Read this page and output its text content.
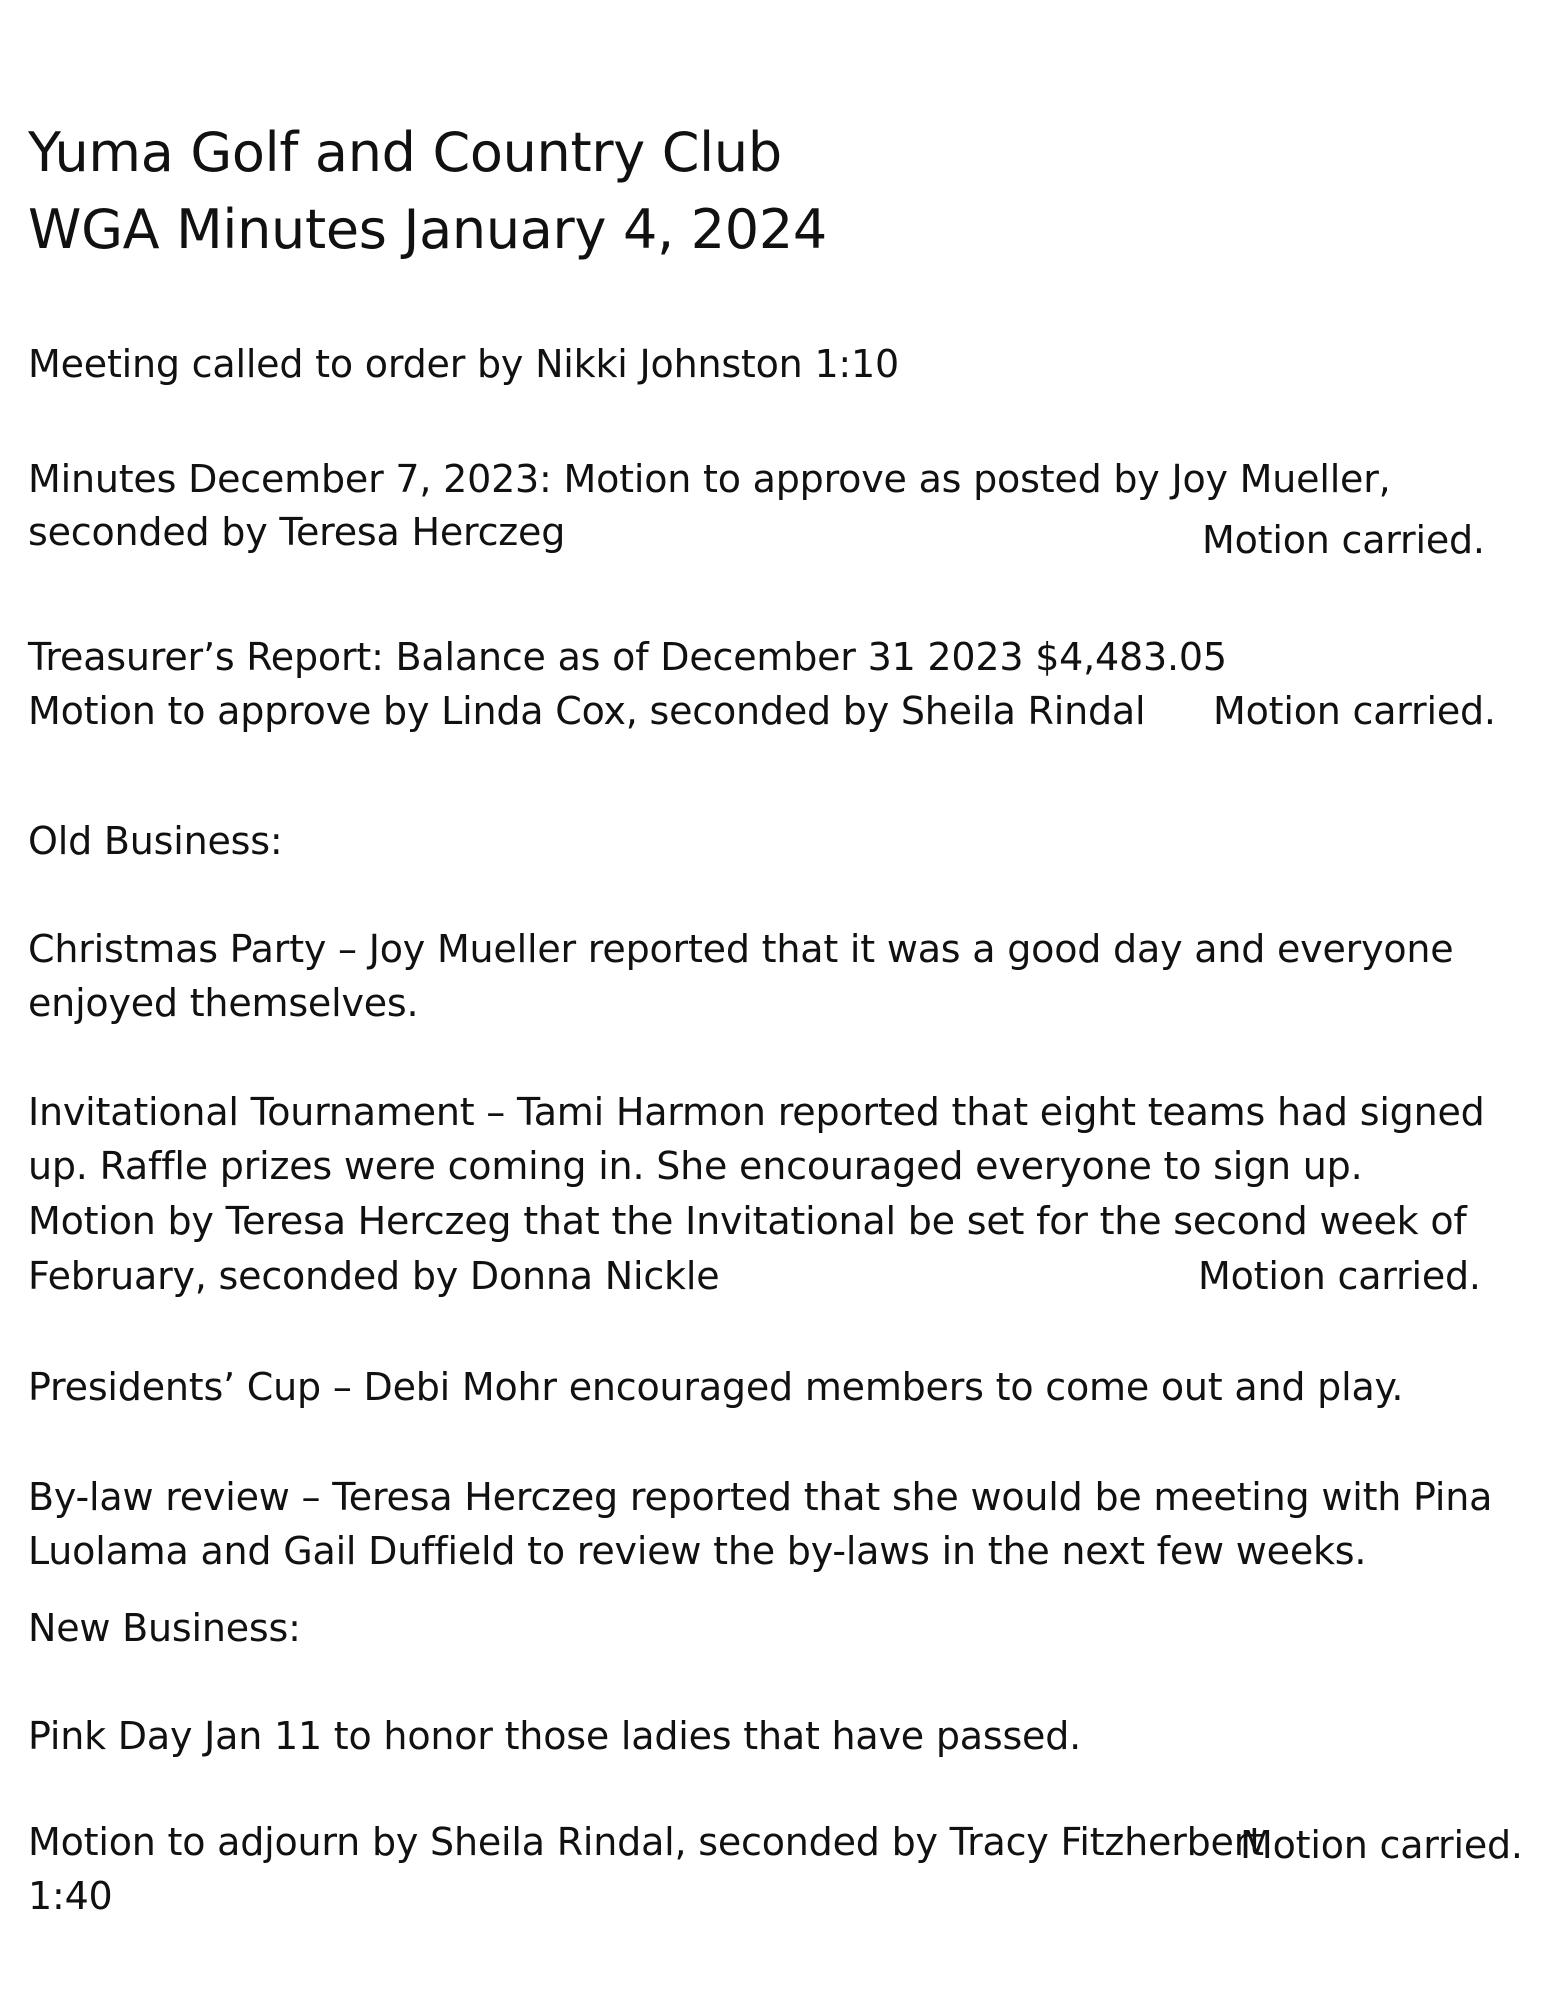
Yuma Golf and Country Club
WGA Minutes January 4, 2024
Meeting called to order by Nikki Johnston 1:10
Minutes December 7, 2023: Motion to approve as posted by Joy Mueller,
seconded by Teresa Herczeg	Motion carried.
Treasurer’s Report: Balance as of December 31 2023 $4,483.05
Motion to approve by Linda Cox, seconded by Sheila Rindal Motion carried.
Old Business:
Christmas Party – Joy Mueller reported that it was a good day and everyone
enjoyed themselves.
Invitational Tournament – Tami Harmon reported that eight teams had signed
up. Raffle prizes were coming in. She encouraged everyone to sign up.
Motion by Teresa Herczeg that the Invitational be set for the second week of
February, seconded by Donna Nickle	Motion carried.
Presidents’ Cup – Debi Mohr encouraged members to come out and play.
By-law review – Teresa Herczeg reported that she would be meeting with Pina
Luolama and Gail Duffield to review the by-laws in the next few weeks.
New Business:
Pink Day Jan 11 to honor those ladies that have passed.
Motion to adjourn by Sheila Rindal, seconded by Tracy Fitzherbert
Motion carried.
1:40
